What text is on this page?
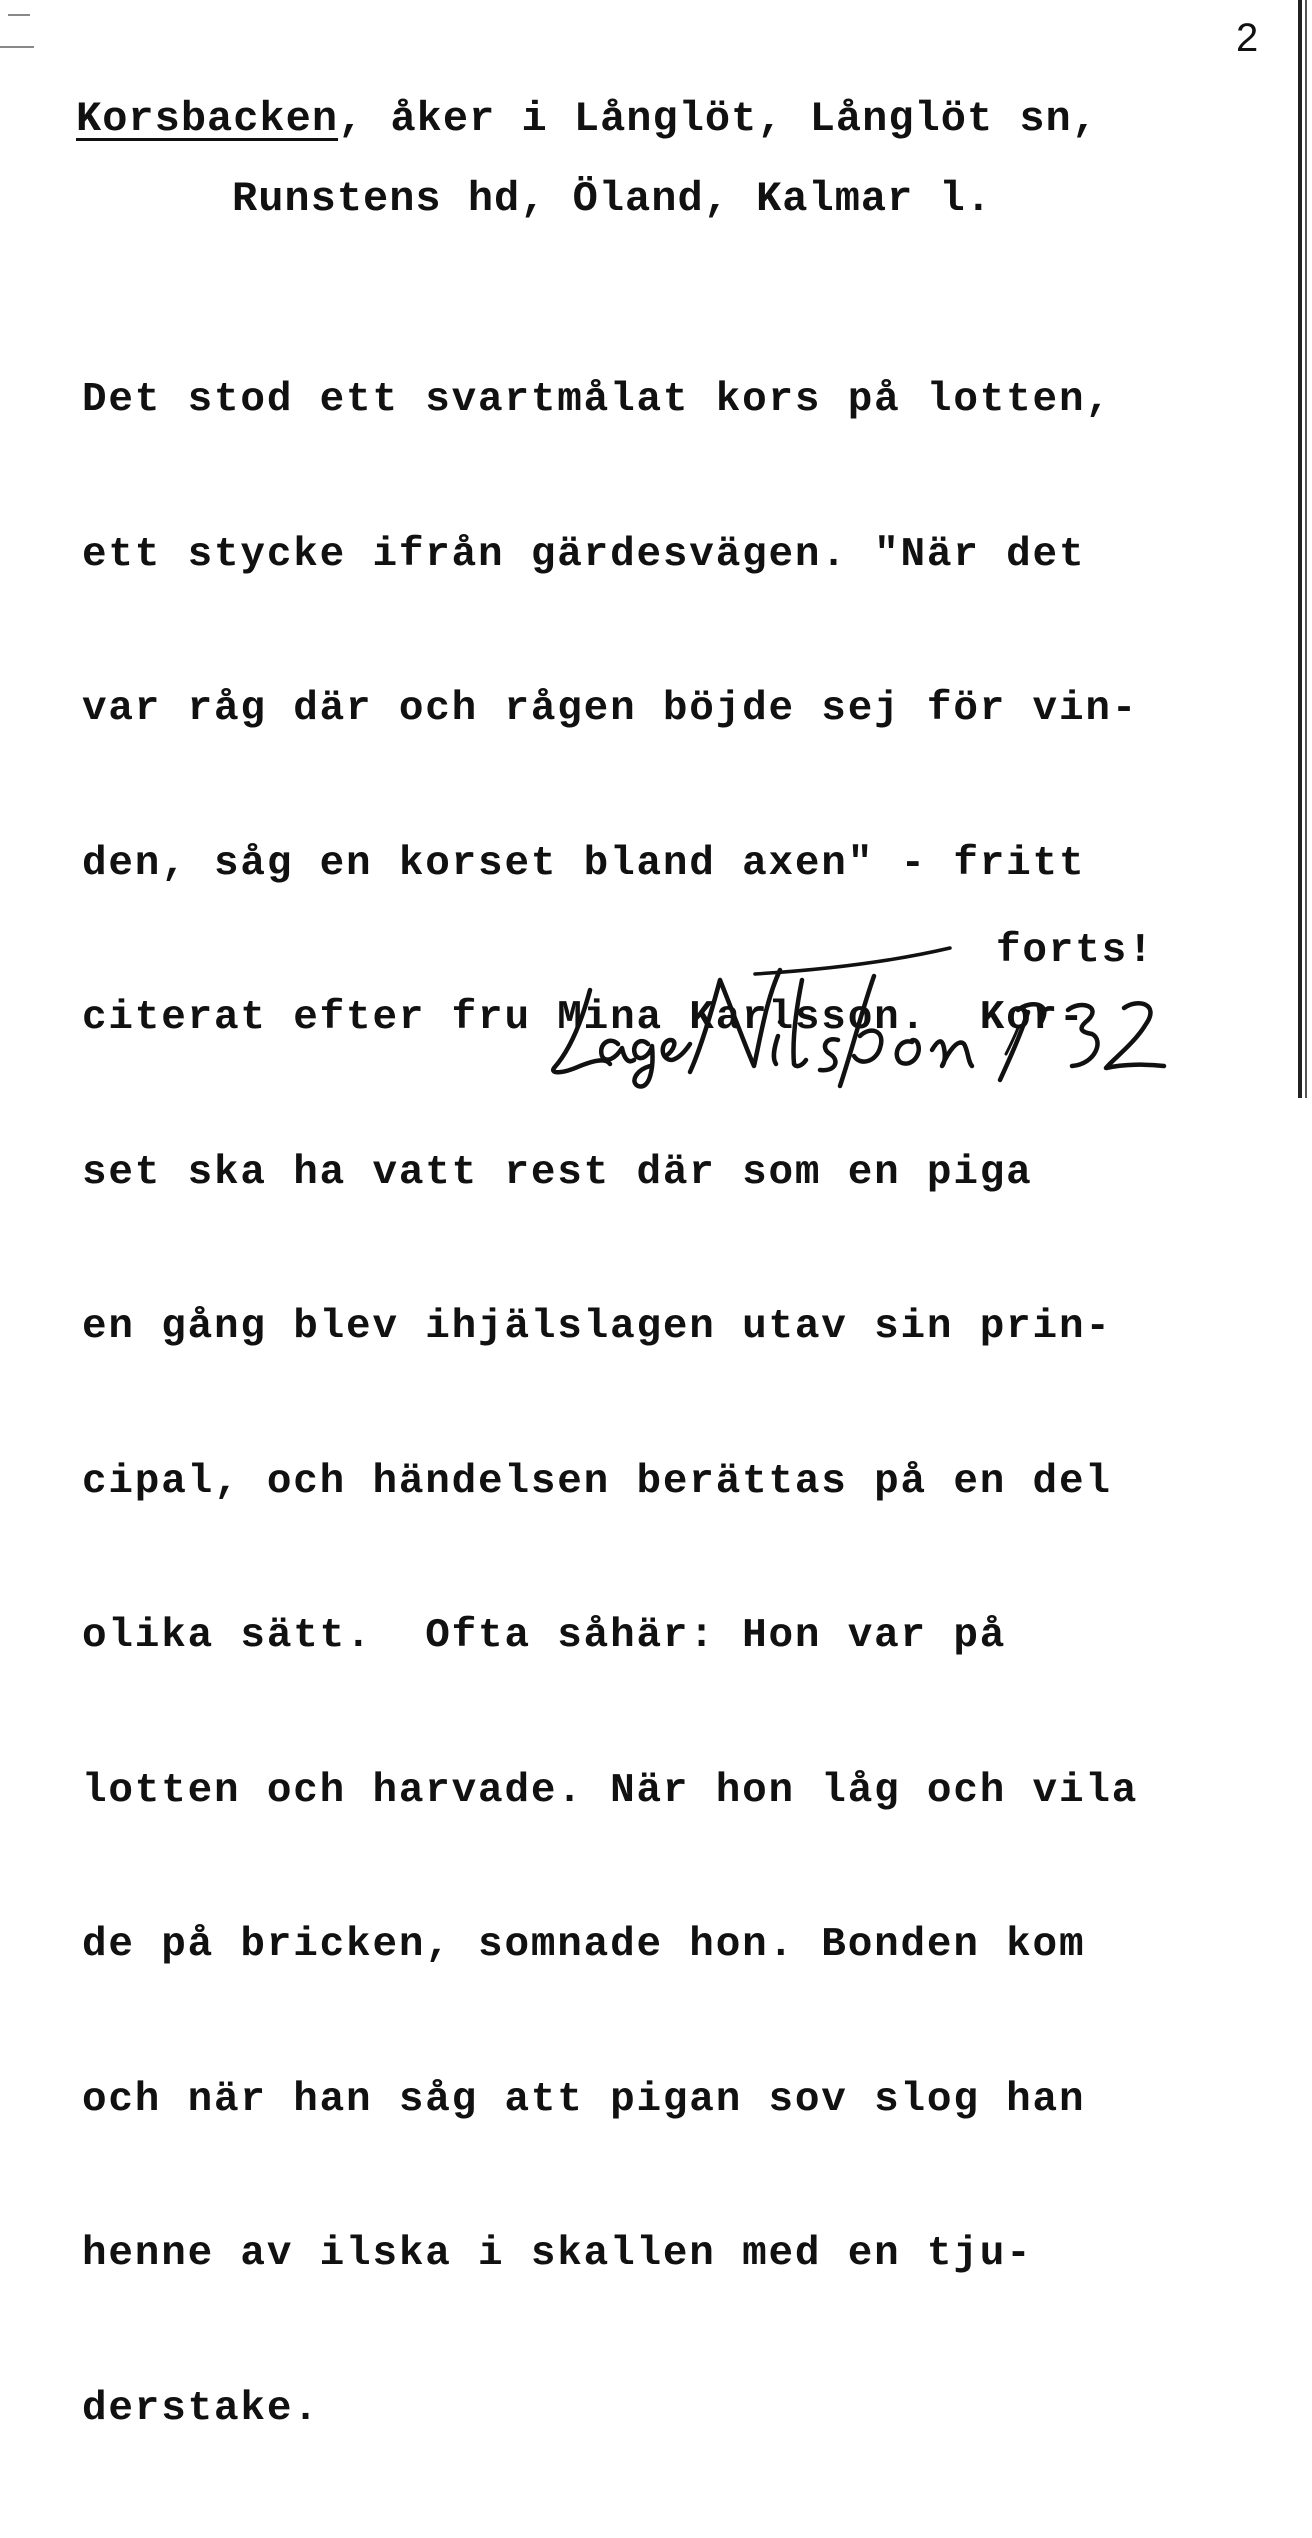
2
Korsbacken, åker i Långlöt, Långlöt sn,
Runstens hd, Öland, Kalmar l.

Det stod ett svartmålat kors på lotten,

ett stycke ifrån gärdesvägen. "När det

var råg där och rågen böjde sej för vin-

den, såg en korset bland axen" - fritt

citerat efter fru Mina Karlsson.  Kor-

set ska ha vatt rest där som en piga

en gång blev ihjälslagen utav sin prin-

cipal, och händelsen berättas på en del

olika sätt.  Ofta såhär: Hon var på

lotten och harvade. När hon låg och vila

de på bricken, somnade hon. Bonden kom

och när han såg att pigan sov slog han

henne av ilska i skallen med en tju-

derstake.

forts!
